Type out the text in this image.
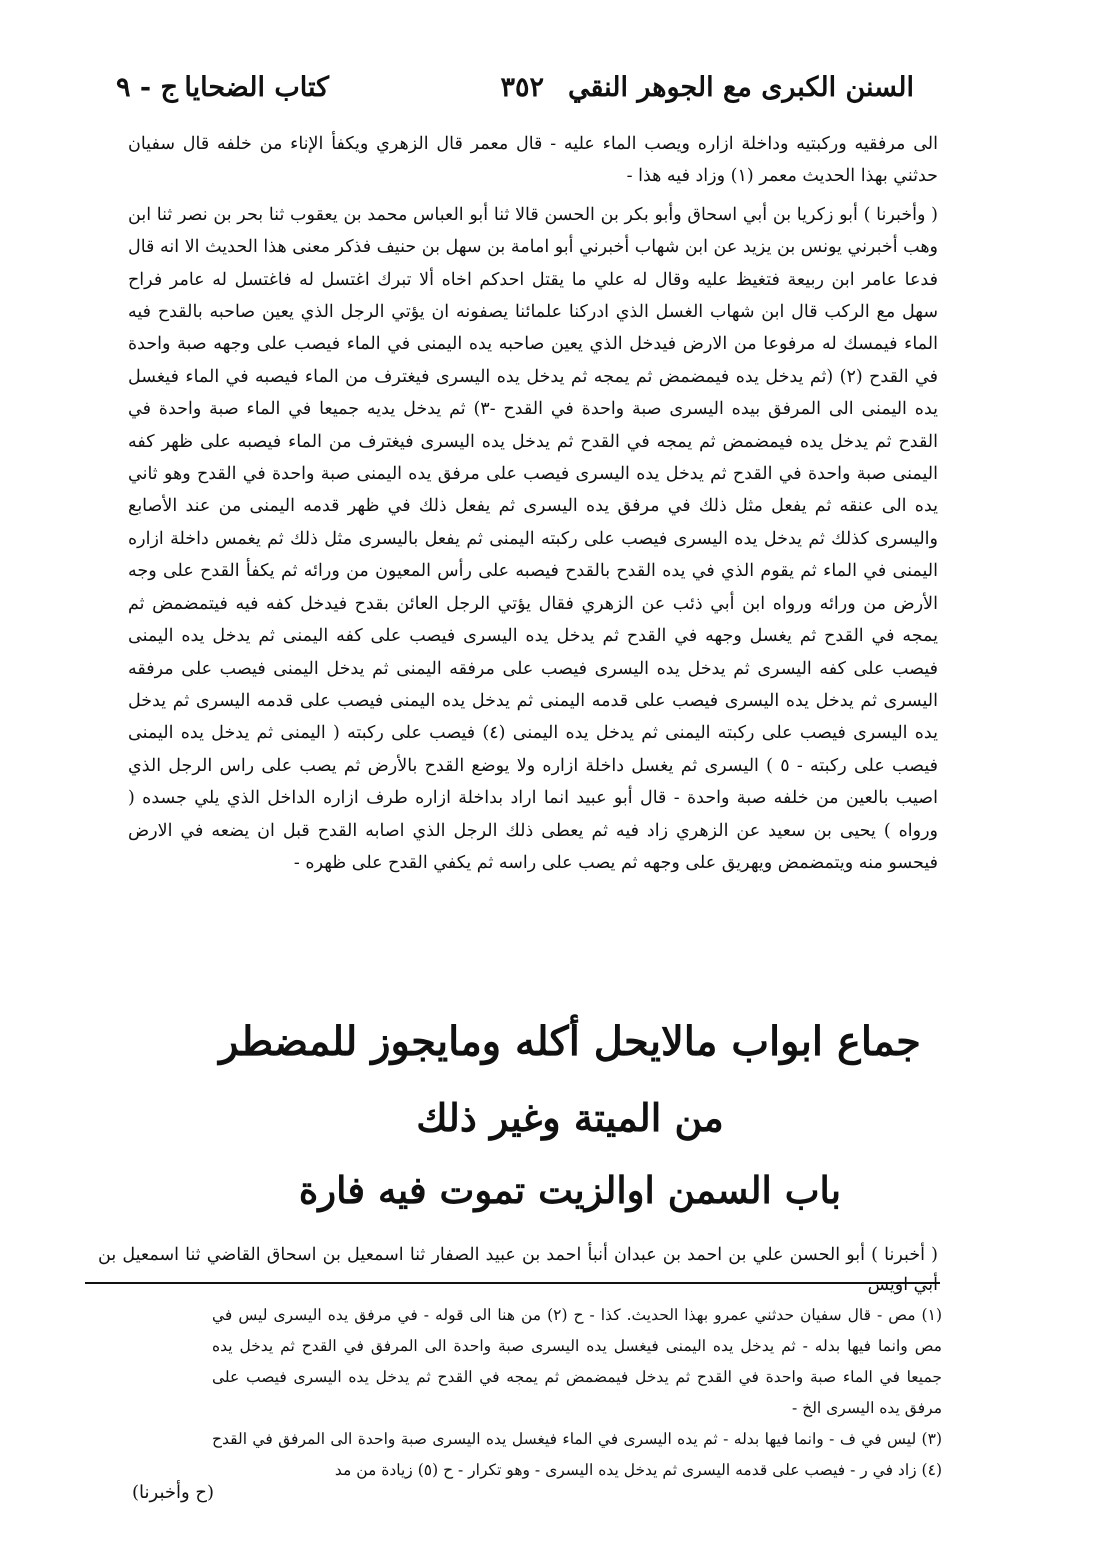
السنن الكبرى مع الجوهر النقي
٣٥٢
كتاب الضحايا
ج - ٩

الى مرفقيه وركبتيه وداخلة ازاره ويصب الماء عليه - قال معمر قال الزهري ويكفأ الإناء من خلفه قال سفيان حدثني بهذا الحديث معمر (١) وزاد فيه هذا -

( وأخبرنا ) أبو زكريا بن أبي اسحاق وأبو بكر بن الحسن قالا ثنا أبو العباس محمد بن يعقوب ثنا بحر بن نصر ثنا ابن وهب أخبرني يونس بن يزيد عن ابن شهاب أخبرني أبو امامة بن سهل بن حنيف فذكر معنى هذا الحديث الا انه قال فدعا عامر ابن ربيعة فتغيظ عليه وقال له علي ما يقتل احدكم اخاه ألا تبرك اغتسل له فاغتسل له عامر فراح سهل مع الركب قال ابن شهاب الغسل الذي ادركنا علمائنا يصفونه ان يؤتي الرجل الذي يعين صاحبه بالقدح فيه الماء فيمسك له مرفوعا من الارض فيدخل الذي يعين صاحبه يده اليمنى في الماء فيصب على وجهه صبة واحدة في القدح (٢) (ثم يدخل يده فيمضمض ثم يمجه ثم يدخل يده اليسرى فيغترف من الماء فيصبه في الماء فيغسل يده اليمنى الى المرفق بيده اليسرى صبة واحدة في القدح -٣) ثم يدخل يديه جميعا في الماء صبة واحدة في القدح ثم يدخل يده فيمضمض ثم يمجه في القدح ثم يدخل يده اليسرى فيغترف من الماء فيصبه على ظهر كفه اليمنى صبة واحدة في القدح ثم يدخل يده اليسرى فيصب على مرفق يده اليمنى صبة واحدة في القدح وهو ثاني يده الى عنقه ثم يفعل مثل ذلك في مرفق يده اليسرى ثم يفعل ذلك في ظهر قدمه اليمنى من عند الأصابع واليسرى كذلك ثم يدخل يده اليسرى فيصب على ركبته اليمنى ثم يفعل باليسرى مثل ذلك ثم يغمس داخلة ازاره اليمنى في الماء ثم يقوم الذي في يده القدح بالقدح فيصبه على رأس المعيون من ورائه ثم يكفأ القدح على وجه الأرض من ورائه ورواه ابن أبي ذئب عن الزهري فقال يؤتي الرجل العائن بقدح فيدخل كفه فيه فيتمضمض ثم يمجه في القدح ثم يغسل وجهه في القدح ثم يدخل يده اليسرى فيصب على كفه اليمنى ثم يدخل يده اليمنى فيصب على كفه اليسرى ثم يدخل يده اليسرى فيصب على مرفقه اليمنى ثم يدخل اليمنى فيصب على مرفقه اليسرى ثم يدخل يده اليسرى فيصب على قدمه اليمنى ثم يدخل يده اليمنى فيصب على قدمه اليسرى ثم يدخل يده اليسرى فيصب على ركبته اليمنى ثم يدخل يده اليمنى (٤) فيصب على ركبته ( اليمنى ثم يدخل يده اليمنى فيصب على ركبته - ٥ ) اليسرى ثم يغسل داخلة ازاره ولا يوضع القدح بالأرض ثم يصب على راس الرجل الذي اصيب بالعين من خلفه صبة واحدة - قال أبو عبيد انما اراد بداخلة ازاره طرف ازاره الداخل الذي يلي جسده ( ورواه ) يحيى بن سعيد عن الزهري زاد فيه ثم يعطى ذلك الرجل الذي اصابه القدح قبل ان يضعه في الارض فيحسو منه ويتمضمض ويهريق على وجهه ثم يصب على راسه ثم يكفي القدح على ظهره -

جماع ابواب مالايحل أكله ومايجوز للمضطر
من الميتة وغير ذلك
باب السمن اوالزيت تموت فيه فارة
( أخبرنا ) أبو الحسن علي بن احمد بن عبدان أنبأ احمد بن عبيد الصفار ثنا اسمعيل بن اسحاق القاضي ثنا اسمعيل بن أبي اويس

(١) مص - قال سفيان حدثني عمرو بهذا الحديث. كذا - ح (٢) من هنا الى قوله - في مرفق يده اليسرى ليس في مص وانما فيها بدله - ثم يدخل يده اليمنى فيغسل يده اليسرى صبة واحدة الى المرفق في القدح ثم يدخل يده جميعا في الماء صبة واحدة في القدح ثم يدخل فيمضمض ثم يمجه في القدح ثم يدخل يده اليسرى فيصب على مرفق يده اليسرى الخ -

(٣) ليس في ف - وانما فيها بدله - ثم يده اليسرى في الماء فيغسل يده اليسرى صبة واحدة الى المرفق في القدح (٤) زاد في ر - فيصب على قدمه اليسرى ثم يدخل يده اليسرى - وهو تكرار - ح (٥) زيادة من مد

(ح وأخبرنا)
